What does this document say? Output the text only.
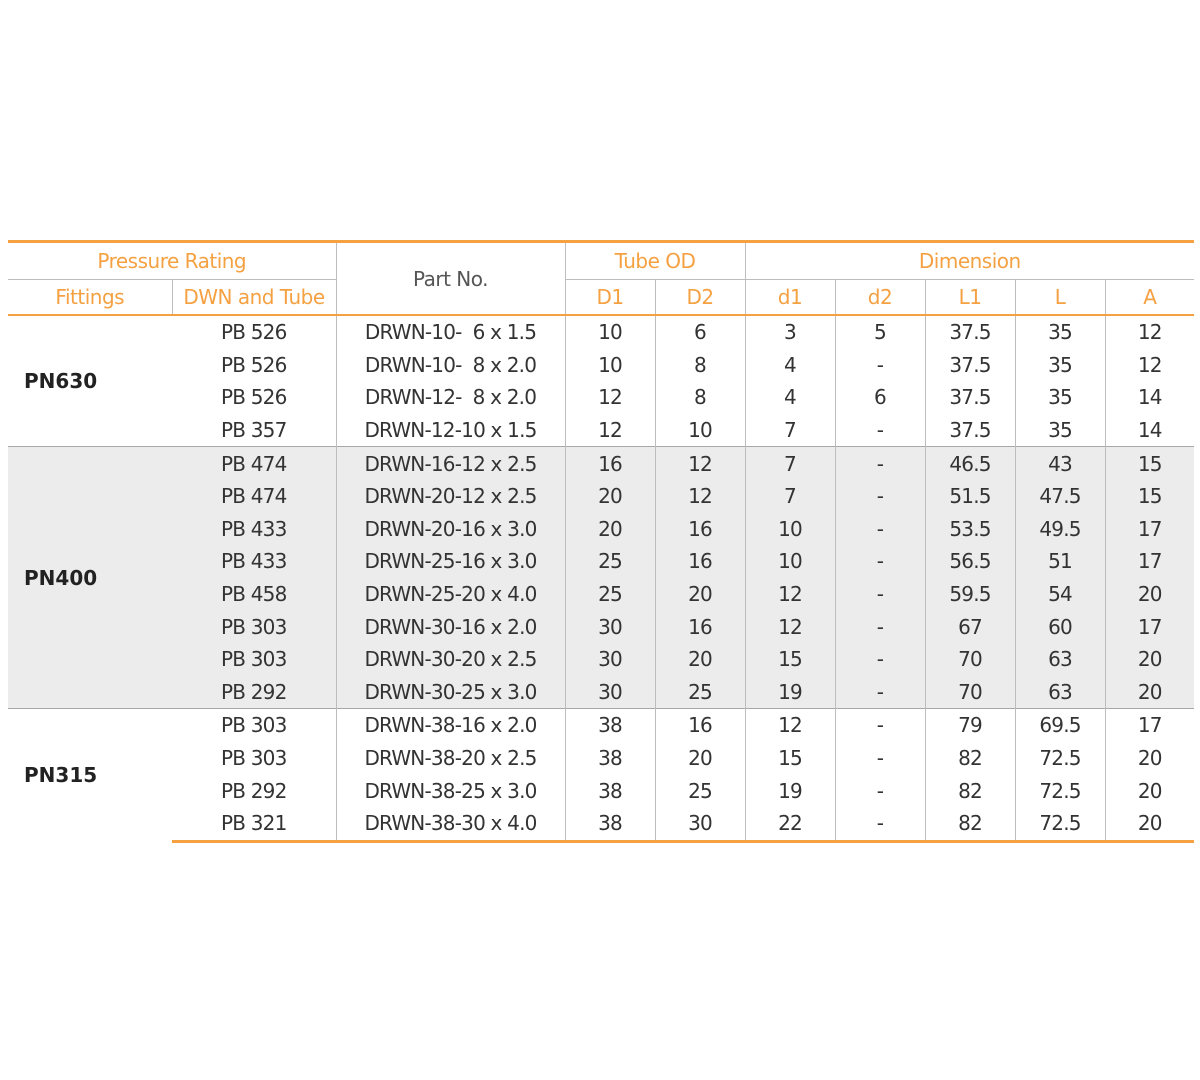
Pressure Rating		Part No.	Tube OD		Dimension				
Fittings	DWN and Tube		D1	D2	d1	d2	L1	L	A
PN630	PB 526	DRWN-10-  6 x 1.5	10	6	3	5	37.5	35	12
	PB 526	DRWN-10-  8 x 2.0	10	8	4	-	37.5	35	12
	PB 526	DRWN-12-  8 x 2.0	12	8	4	6	37.5	35	14
	PB 357	DRWN-12-10 x 1.5	12	10	7	-	37.5	35	14
PN400	PB 474	DRWN-16-12 x 2.5	16	12	7	-	46.5	43	15
	PB 474	DRWN-20-12 x 2.5	20	12	7	-	51.5	47.5	15
	PB 433	DRWN-20-16 x 3.0	20	16	10	-	53.5	49.5	17
	PB 433	DRWN-25-16 x 3.0	25	16	10	-	56.5	51	17
	PB 458	DRWN-25-20 x 4.0	25	20	12	-	59.5	54	20
	PB 303	DRWN-30-16 x 2.0	30	16	12	-	67	60	17
	PB 303	DRWN-30-20 x 2.5	30	20	15	-	70	63	20
	PB 292	DRWN-30-25 x 3.0	30	25	19	-	70	63	20
PN315	PB 303	DRWN-38-16 x 2.0	38	16	12	-	79	69.5	17
	PB 303	DRWN-38-20 x 2.5	38	20	15	-	82	72.5	20
	PB 292	DRWN-38-25 x 3.0	38	25	19	-	82	72.5	20
	PB 321	DRWN-38-30 x 4.0	38	30	22	-	82	72.5	20
